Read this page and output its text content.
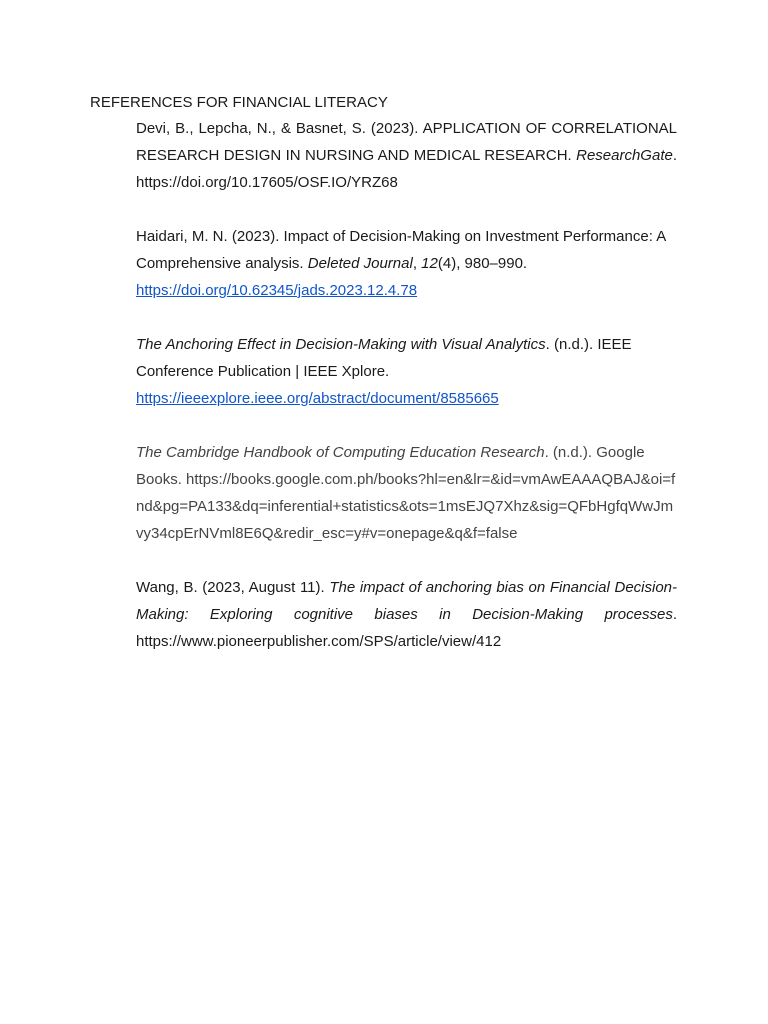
REFERENCES FOR FINANCIAL LITERACY
Devi, B., Lepcha, N., & Basnet, S. (2023). APPLICATION OF CORRELATIONAL RESEARCH DESIGN IN NURSING AND MEDICAL RESEARCH. ResearchGate. https://doi.org/10.17605/OSF.IO/YRZ68
Haidari, M. N. (2023). Impact of Decision-Making on Investment Performance: A Comprehensive analysis. Deleted Journal, 12(4), 980–990.
https://doi.org/10.62345/jads.2023.12.4.78
The Anchoring Effect in Decision-Making with Visual Analytics. (n.d.). IEEE Conference Publication | IEEE Xplore.
https://ieeexplore.ieee.org/abstract/document/8585665
The Cambridge Handbook of Computing Education Research. (n.d.). Google Books. https://books.google.com.ph/books?hl=en&lr=&id=vmAwEAAAQBAJ&oi=fnd&pg=PA133&dq=inferential+statistics&ots=1msEJQ7Xhz&sig=QFbHgfqWwJmvy34cpErNVml8E6Q&redir_esc=y#v=onepage&q&f=false
Wang, B. (2023, August 11). The impact of anchoring bias on Financial Decision-Making: Exploring cognitive biases in Decision-Making processes. https://www.pioneerpublisher.com/SPS/article/view/412
